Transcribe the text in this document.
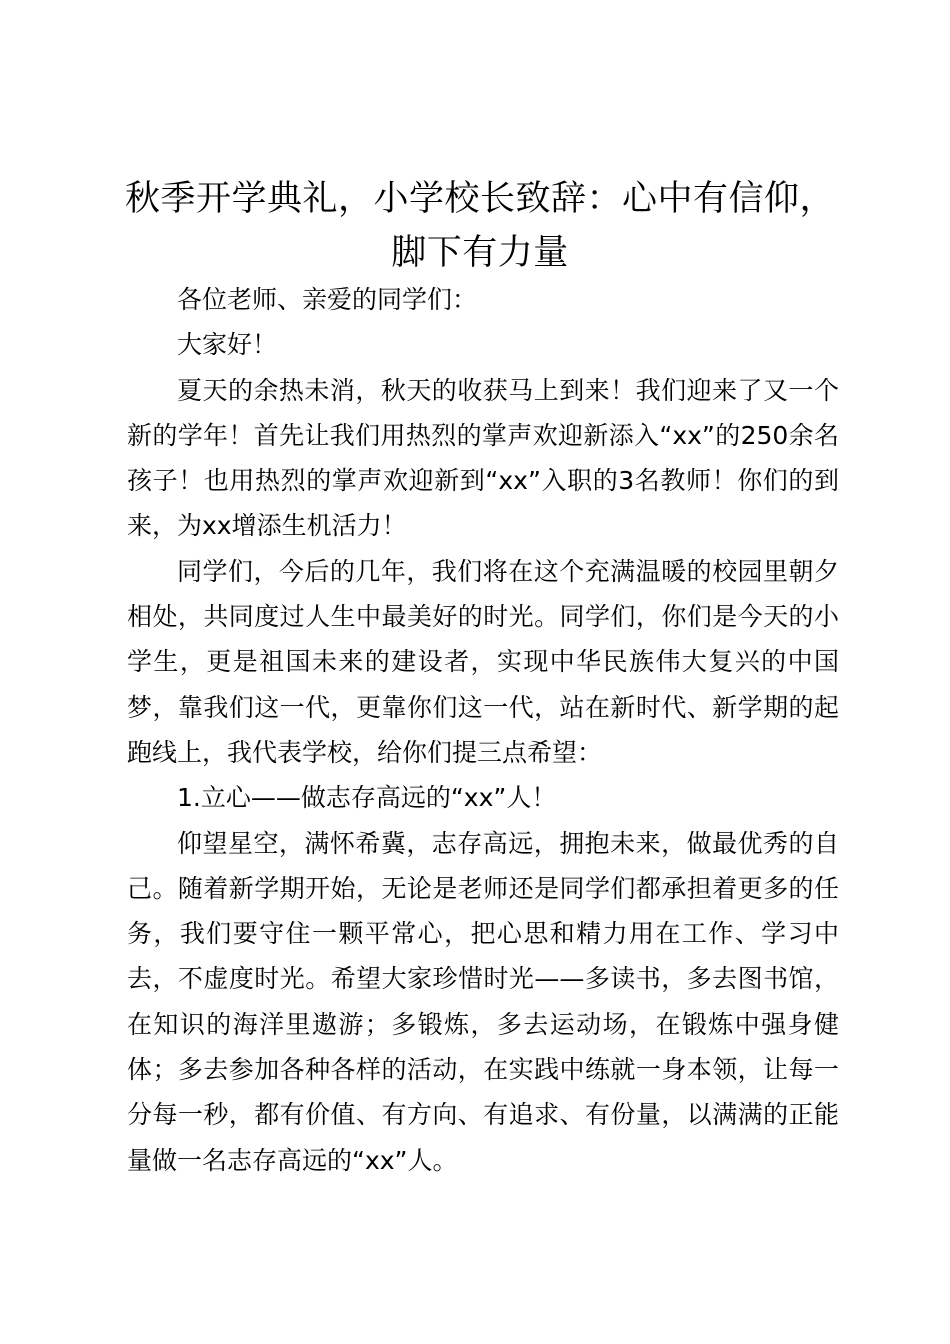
秋季开学典礼，小学校长致辞：心中有信仰，
脚下有力量

各位老师、亲爱的同学们：

大家好！

夏天的余热未消，秋天的收获马上到来！我们迎来了又一个新的学年！首先让我们用热烈的掌声欢迎新添入“xx”的250余名孩子！也用热烈的掌声欢迎新到“xx”入职的3名教师！你们的到来，为xx增添生机活力！

同学们，今后的几年，我们将在这个充满温暖的校园里朝夕相处，共同度过人生中最美好的时光。同学们，你们是今天的小学生，更是祖国未来的建设者，实现中华民族伟大复兴的中国梦，靠我们这一代，更靠你们这一代，站在新时代、新学期的起跑线上，我代表学校，给你们提三点希望：

1.立心——做志存高远的“xx”人！

仰望星空，满怀希冀，志存高远，拥抱未来，做最优秀的自己。随着新学期开始，无论是老师还是同学们都承担着更多的任务，我们要守住一颗平常心，把心思和精力用在工作、学习中去，不虚度时光。希望大家珍惜时光——多读书，多去图书馆，在知识的海洋里遨游；多锻炼，多去运动场，在锻炼中强身健体；多去参加各种各样的活动，在实践中练就一身本领，让每一分每一秒，都有价值、有方向、有追求、有份量，以满满的正能量做一名志存高远的“xx”人。
